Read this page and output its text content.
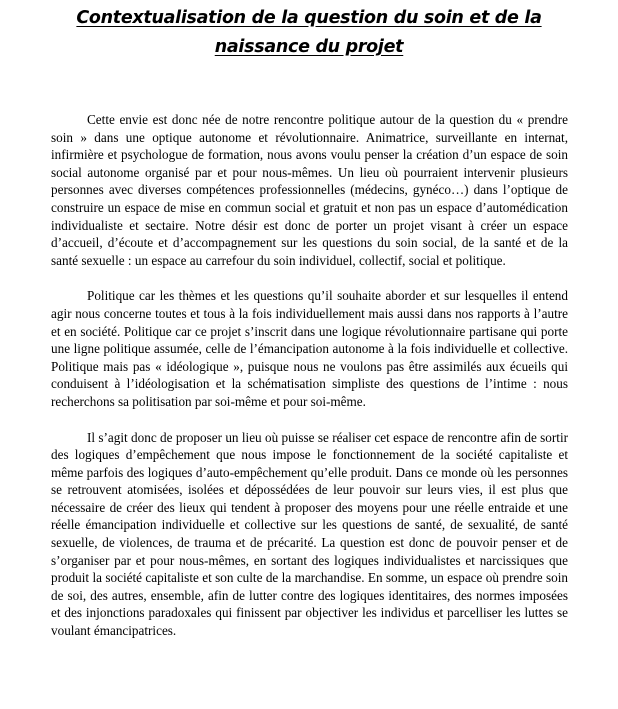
Contextualisation de la question du soin et de la naissance du projet

Cette envie est donc née de notre rencontre politique autour de la question du « prendre soin » dans une optique autonome et révolutionnaire. Animatrice, surveillante en internat, infirmière et psychologue de formation, nous avons voulu penser la création d’un espace de soin social autonome organisé par et pour nous-mêmes. Un lieu où pourraient intervenir plusieurs personnes avec diverses compétences professionnelles (médecins, gynéco…) dans l’optique de construire un espace de mise en commun social et gratuit et non pas un espace d’automédication individualiste et sectaire. Notre désir est donc de porter un projet visant à créer un espace d’accueil, d’écoute et d’accompagnement sur les questions du soin social, de la santé et de la santé sexuelle : un espace au carrefour du soin individuel, collectif, social et politique.

Politique car les thèmes et les questions qu’il souhaite aborder et sur lesquelles il entend agir nous concerne toutes et tous à la fois individuellement mais aussi dans nos rapports à l’autre et en société. Politique car ce projet s’inscrit dans une logique révolutionnaire partisane qui porte une ligne politique assumée, celle de l’émancipation autonome à la fois individuelle et collective. Politique mais pas « idéologique », puisque nous ne voulons pas être assimilés aux écueils qui conduisent à l’idéologisation et la schématisation simpliste des questions de l’intime : nous recherchons sa politisation par soi-même et pour soi-même.

Il s’agit donc de proposer un lieu où puisse se réaliser cet espace de rencontre afin de sortir des logiques d’empêchement que nous impose le fonctionnement de la société capitaliste et même parfois des logiques d’auto-empêchement qu’elle produit. Dans ce monde où les personnes se retrouvent atomisées, isolées et dépossédées de leur pouvoir sur leurs vies, il est plus que nécessaire de créer des lieux qui tendent à proposer des moyens pour une réelle entraide et une réelle émancipation individuelle et collective sur les questions de santé, de sexualité, de santé sexuelle, de violences, de trauma et de précarité. La question est donc de pouvoir penser et de s’organiser par et pour nous-mêmes, en sortant des logiques individualistes et narcissiques que produit la société capitaliste et son culte de la marchandise. En somme, un espace où prendre soin de soi, des autres, ensemble, afin de lutter contre des logiques identitaires, des normes imposées et des injonctions paradoxales qui finissent par objectiver les individus et parcelliser les luttes se voulant émancipatrices.
